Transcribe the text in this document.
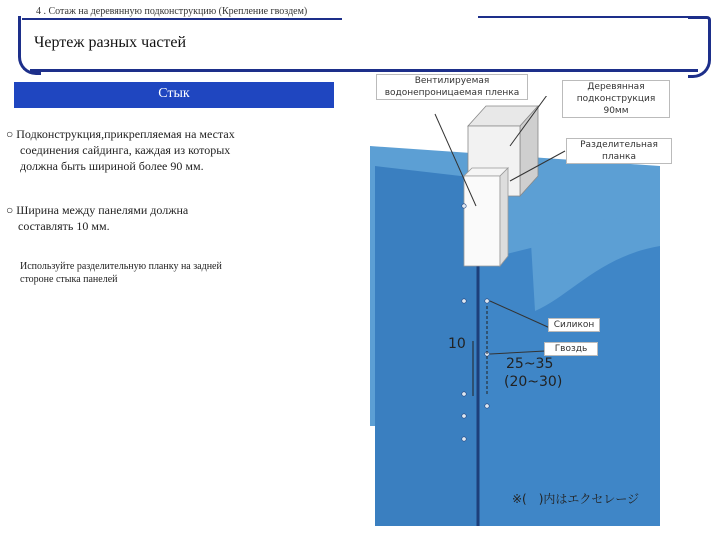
4 . Сотаж на деревянную подконструкцию (Крепление гвоздем)
Чертеж разных частей
10
25~35
(20~30)
Вентилируемая
водонепроницаемая пленка
Деревянная
подконструкция
90мм
Разделительная
планка
Силикон
Гвоздь
Стык
○ Подконструкция,прикрепляемая на местах
соединения сайдинга, каждая из которых
должна быть шириной более 90 мм.
○ Ширина между панелями должна
составлять 10 мм.
Используйте разделительную планку на задней
стороне стыка панелей
※(　)内はエクセレージ
